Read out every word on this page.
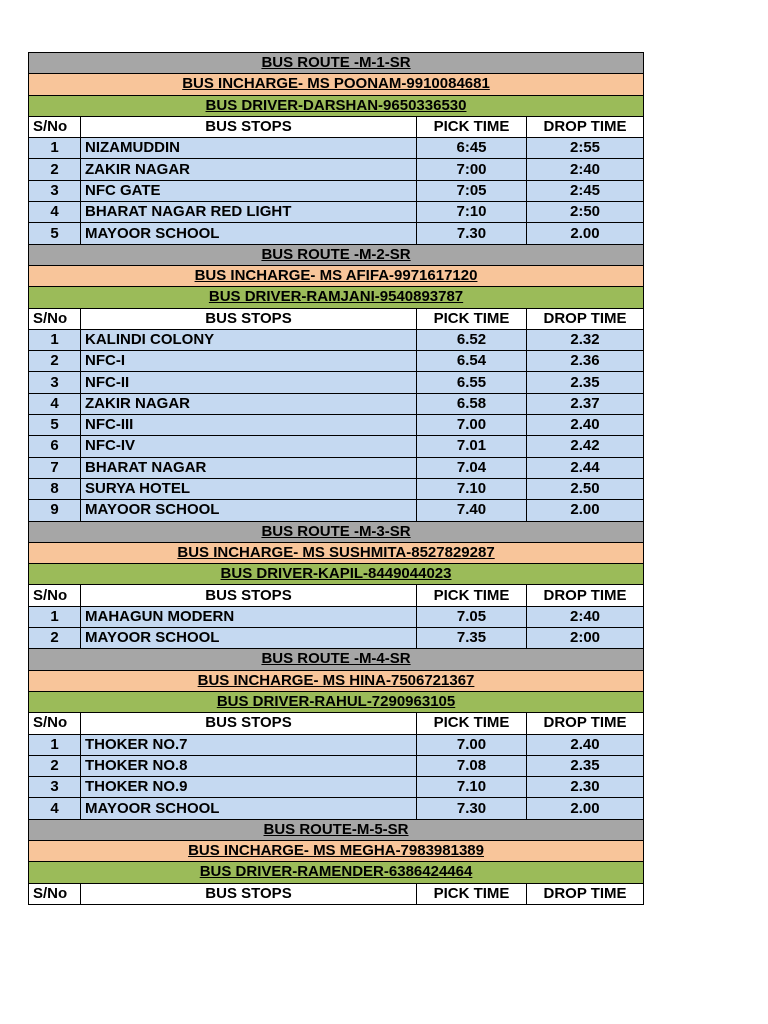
BUS ROUTE -M-1-SR			
BUS INCHARGE- MS POONAM-9910084681			
BUS DRIVER-DARSHAN-9650336530			
S/No	BUS STOPS	PICK TIME	DROP TIME
1	NIZAMUDDIN	6:45	2:55
2	ZAKIR NAGAR	7:00	2:40
3	NFC GATE	7:05	2:45
4	BHARAT NAGAR RED LIGHT	7:10	2:50
5	MAYOOR SCHOOL	7.30	2.00
BUS ROUTE -M-2-SR			
BUS INCHARGE- MS AFIFA-9971617120			
BUS DRIVER-RAMJANI-9540893787			
S/No	BUS STOPS	PICK TIME	DROP TIME
1	KALINDI COLONY	6.52	2.32
2	NFC-I	6.54	2.36
3	NFC-II	6.55	2.35
4	ZAKIR NAGAR	6.58	2.37
5	NFC-III	7.00	2.40
6	NFC-IV	7.01	2.42
7	BHARAT NAGAR	7.04	2.44
8	SURYA HOTEL	7.10	2.50
9	MAYOOR SCHOOL	7.40	2.00
BUS ROUTE -M-3-SR			
BUS INCHARGE- MS SUSHMITA-8527829287			
BUS DRIVER-KAPIL-8449044023			
S/No	BUS STOPS	PICK TIME	DROP TIME
1	MAHAGUN MODERN	7.05	2:40
2	MAYOOR SCHOOL	7.35	2:00
BUS ROUTE -M-4-SR			
BUS INCHARGE- MS HINA-7506721367			
BUS DRIVER-RAHUL-7290963105			
S/No	BUS STOPS	PICK TIME	DROP TIME
1	THOKER NO.7	7.00	2.40
2	THOKER NO.8	7.08	2.35
3	THOKER NO.9	7.10	2.30
4	MAYOOR SCHOOL	7.30	2.00
BUS ROUTE-M-5-SR			
BUS INCHARGE- MS MEGHA-7983981389			
BUS DRIVER-RAMENDER-6386424464			
S/No	BUS STOPS	PICK TIME	DROP TIME
